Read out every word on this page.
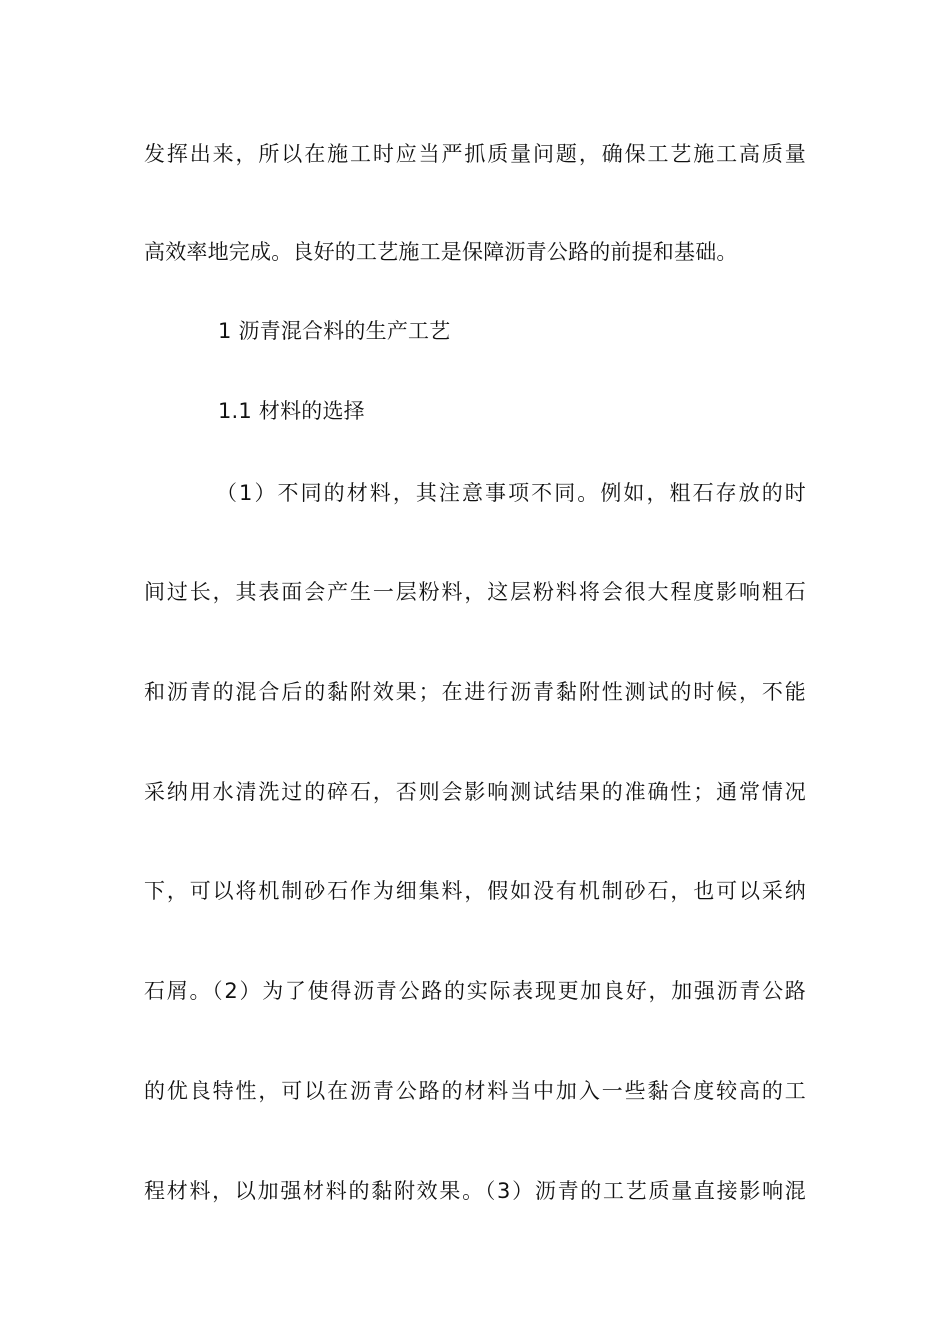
发挥出来，所以在施工时应当严抓质量问题，确保工艺施工高质量
高效率地完成。良好的工艺施工是保障沥青公路的前提和基础。
1 沥青混合料的生产工艺
1.1 材料的选择
（1）不同的材料，其注意事项不同。例如，粗石存放的时
间过长，其表面会产生一层粉料，这层粉料将会很大程度影响粗石
和沥青的混合后的黏附效果；在进行沥青黏附性测试的时候，不能
采纳用水清洗过的碎石，否则会影响测试结果的准确性；通常情况
下，可以将机制砂石作为细集料，假如没有机制砂石，也可以采纳
石屑。（2）为了使得沥青公路的实际表现更加良好，加强沥青公路
的优良特性，可以在沥青公路的材料当中加入一些黏合度较高的工
程材料，以加强材料的黏附效果。（3）沥青的工艺质量直接影响混
